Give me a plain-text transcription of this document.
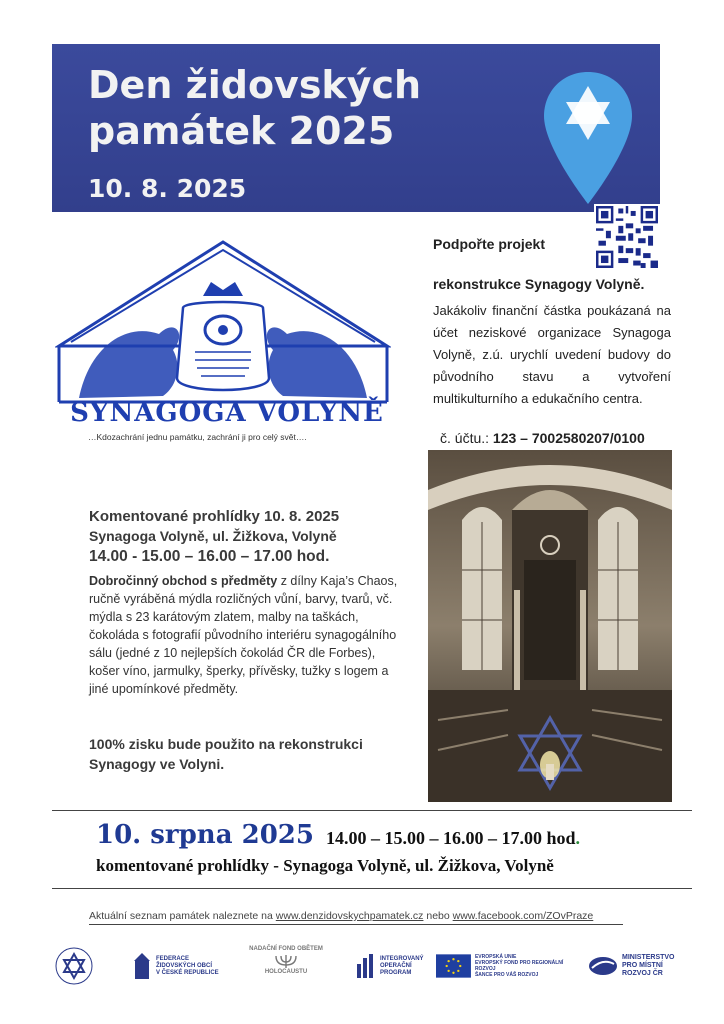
Den židovských
památek 2025
10. 8. 2025
Podpořte projekt
rekonstrukce Synagogy Volyně.
Jakákoliv finanční částka poukázaná na účet neziskové organizace Synagoga Volyně, z.ú. urychlí uvedení budovy do původního stavu a vytvoření multikulturního a edukačního centra.
č. účtu.: 123 – 7002580207/0100
SYNAGOGA VOLYNĚ
…Kdozachrání jednu památku, zachrání ji pro celý svět….
Komentované prohlídky 10. 8. 2025
Synagoga Volyně, ul. Žižkova, Volyně
14.00 - 15.00 – 16.00 – 17.00 hod.
Dobročinný obchod s předměty z dílny Kaja’s Chaos, ručně vyráběná mýdla rozličných vůní, barvy, tvarů, vč. mýdla s 23 karátovým zlatem, malby na taškách, čokoláda s fotografií původního interiéru synagogálního sálu (jedné z 10 nejlepších čokolád ČR dle Forbes), košer víno, jarmulky, šperky, přívěsky, tužky s logem a jiné upomínkové předměty.
100% zisku bude použito na rekonstrukci Synagogy ve Volyni.
10. srpna 2025 14.00 – 15.00 – 16.00 – 17.00 hod.
komentované prohlídky - Synagoga Volyně, ul. Žižkova, Volyně
Aktuální seznam památek naleznete na www.denzidovskychpamatek.cz nebo www.facebook.com/ZOvPraze
FEDERACE
ŽIDOVSKÝCH OBCÍ
V ČESKÉ REPUBLICE
NADAČNÍ FOND OBĚTEM
HOLOCAUSTU
INTEGROVANÝ
OPERAČNÍ
PROGRAM
EVROPSKÁ UNIE
EVROPSKÝ FOND PRO REGIONÁLNÍ ROZVOJ
ŠANCE PRO VÁŠ ROZVOJ
MINISTERSTVO
PRO MÍSTNÍ
ROZVOJ ČR
